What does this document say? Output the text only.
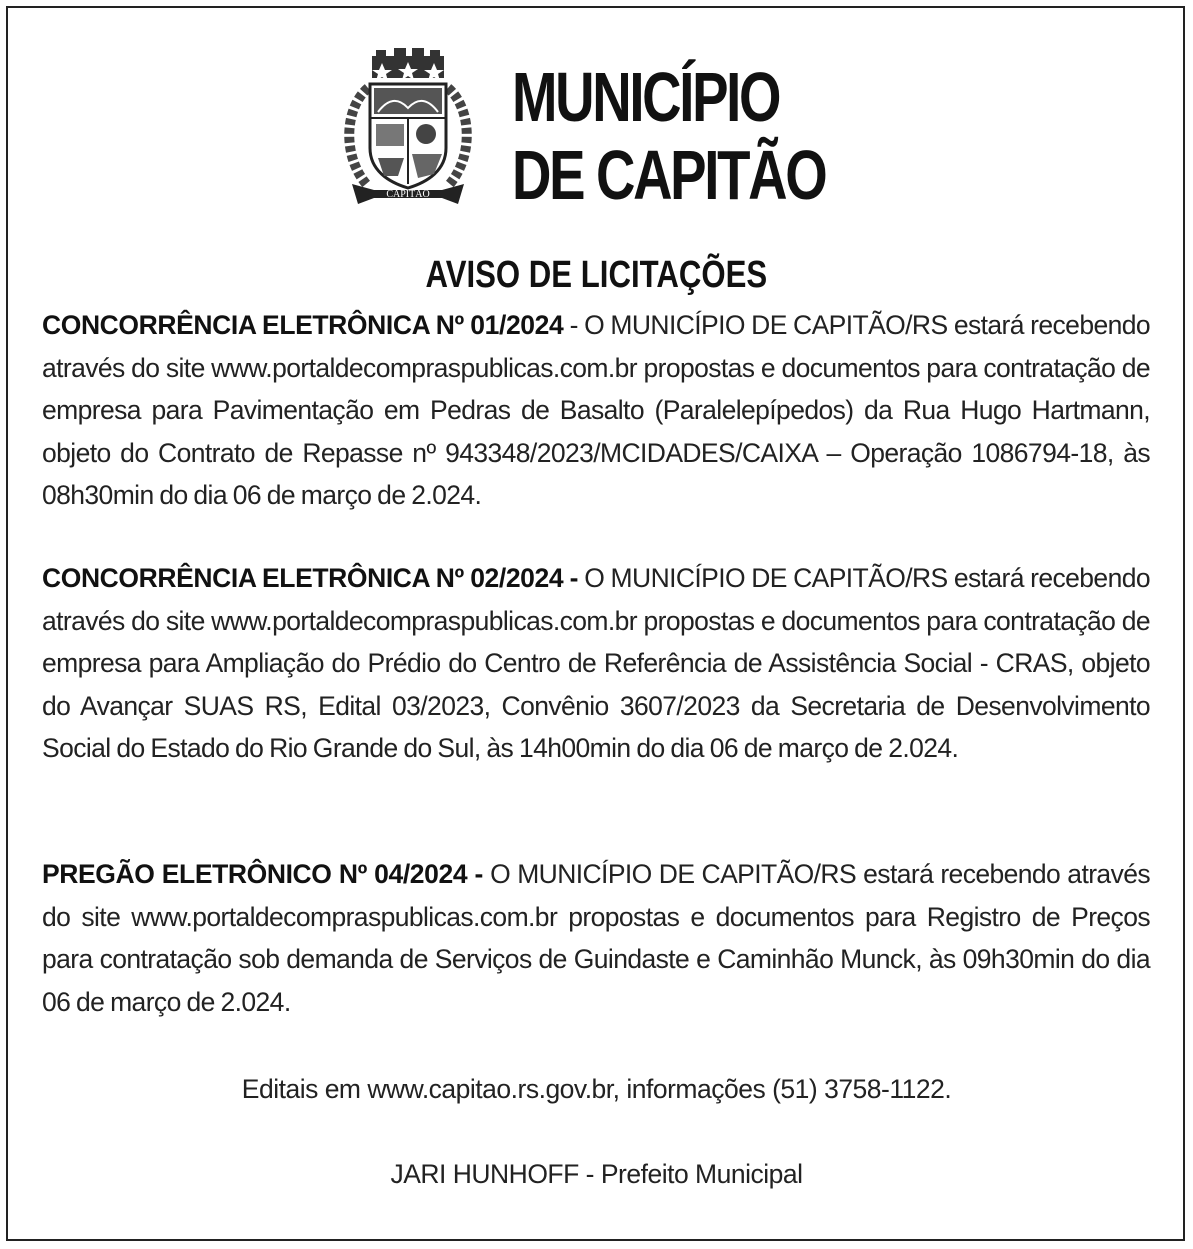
CAPITÃO
MUNICÍPIO
DE CAPITÃO
AVISO DE LICITAÇÕES
CONCORRÊNCIA ELETRÔNICA Nº 01/2024 - O MUNICÍPIO DE CAPITÃO/RS estará recebendo através do site www.portaldecompraspublicas.com.br propostas e documentos para contratação de empresa para Pavimentação em Pedras de Basalto (Paralelepípedos) da Rua Hugo Hartmann, objeto do Contrato de Repasse nº 943348/2023/MCIDADES/CAIXA – Operação 1086794-18, às 08h30min do dia 06 de março de 2.024.
CONCORRÊNCIA ELETRÔNICA Nº 02/2024 - O MUNICÍPIO DE CAPITÃO/RS estará recebendo através do site www.portaldecompraspublicas.com.br propostas e documentos para contratação de empresa para Ampliação do Prédio do Centro de Referência de Assistência Social - CRAS, objeto do Avançar SUAS RS, Edital 03/2023, Convênio 3607/2023 da Secretaria de Desenvolvimento Social do Estado do Rio Grande do Sul, às 14h00min do dia 06 de março de 2.024.
PREGÃO ELETRÔNICO Nº 04/2024 - O MUNICÍPIO DE CAPITÃO/RS estará recebendo através do site www.portaldecompraspublicas.com.br propostas e documentos para Registro de Preços para contratação sob demanda de Serviços de Guindaste e Caminhão Munck, às 09h30min do dia 06 de março de 2.024.
Editais em www.capitao.rs.gov.br, informações (51) 3758-1122.
JARI HUNHOFF - Prefeito Municipal
